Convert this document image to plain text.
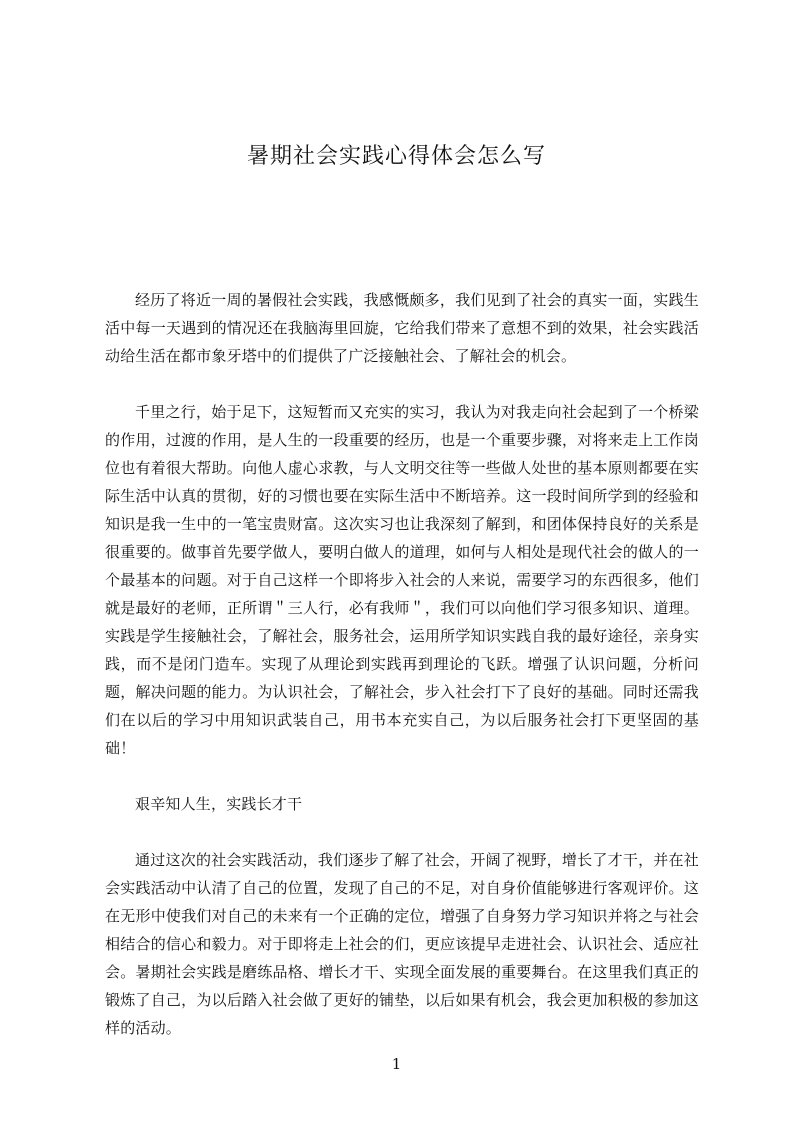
暑期社会实践心得体会怎么写

经历了将近一周的暑假社会实践，我感慨颇多，我们见到了社会的真实一面，实践生活中每一天遇到的情况还在我脑海里回旋，它给我们带来了意想不到的效果，社会实践活动给生活在都市象牙塔中的们提供了广泛接触社会、了解社会的机会。

千里之行，始于足下，这短暂而又充实的实习，我认为对我走向社会起到了一个桥梁的作用，过渡的作用，是人生的一段重要的经历，也是一个重要步骤，对将来走上工作岗位也有着很大帮助。向他人虚心求教，与人文明交往等一些做人处世的基本原则都要在实际生活中认真的贯彻，好的习惯也要在实际生活中不断培养。这一段时间所学到的经验和知识是我一生中的一笔宝贵财富。这次实习也让我深刻了解到，和团体保持良好的关系是很重要的。做事首先要学做人，要明白做人的道理，如何与人相处是现代社会的做人的一个最基本的问题。对于自己这样一个即将步入社会的人来说，需要学习的东西很多，他们就是最好的老师，正所谓＂三人行，必有我师＂，我们可以向他们学习很多知识、道理。实践是学生接触社会，了解社会，服务社会，运用所学知识实践自我的最好途径，亲身实践，而不是闭门造车。实现了从理论到实践再到理论的飞跃。增强了认识问题，分析问题，解决问题的能力。为认识社会，了解社会，步入社会打下了良好的基础。同时还需我们在以后的学习中用知识武装自己，用书本充实自己，为以后服务社会打下更坚固的基础！

艰辛知人生，实践长才干

通过这次的社会实践活动，我们逐步了解了社会，开阔了视野，增长了才干，并在社会实践活动中认清了自己的位置，发现了自己的不足，对自身价值能够进行客观评价。这在无形中使我们对自己的未来有一个正确的定位，增强了自身努力学习知识并将之与社会相结合的信心和毅力。对于即将走上社会的们，更应该提早走进社会、认识社会、适应社会。暑期社会实践是磨练品格、增长才干、实现全面发展的重要舞台。在这里我们真正的锻炼了自己，为以后踏入社会做了更好的铺垫，以后如果有机会，我会更加积极的参加这样的活动。

1
